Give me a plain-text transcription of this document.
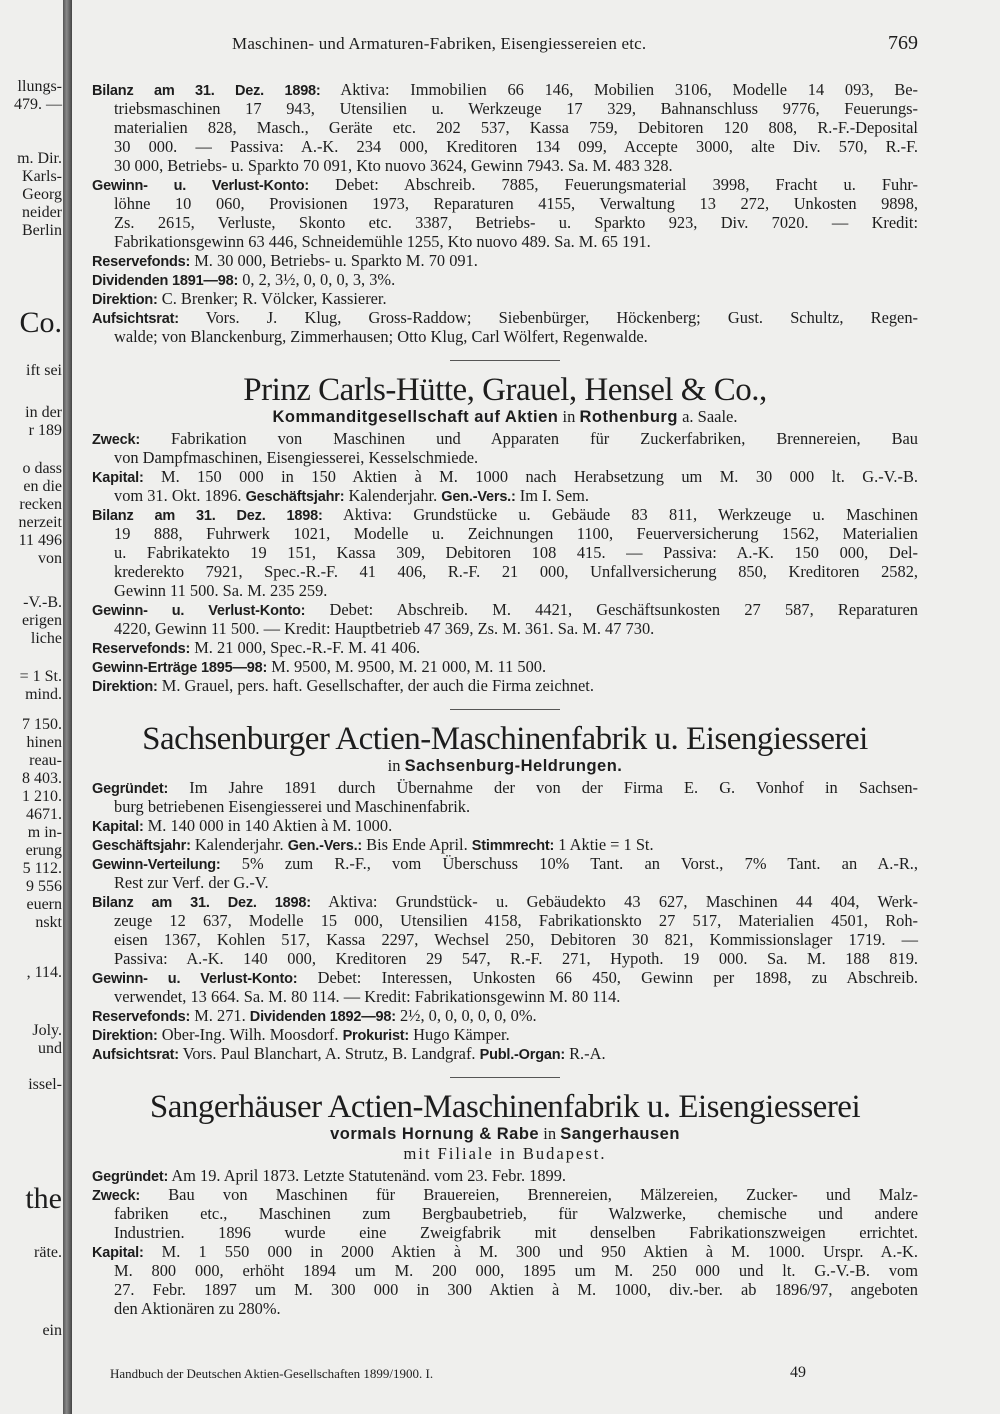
llungs-
479. —
m. Dir.
Karls-
Georg
neider
Berlin
Co.
ift sei
in der
r 189
o dass
en die
recken
nerzeit
11 496
von
-V.-B.
erigen
liche
= 1 St.
mind.
7 150.
hinen
reau-
8 403.
1 210.
4671.
m in-
erung
5 112.
9 556
euern
nskt
, 114.
Joly.
und
issel-
the
räte.
ein
Maschinen- und Armaturen-Fabriken, Eisengiessereien etc.	769
Bilanz am 31. Dez. 1898: Aktiva: Immobilien 66 146, Mobilien 3106, Modelle 14 093, Be-
triebsmaschinen 17 943, Utensilien u. Werkzeuge 17 329, Bahnanschluss 9776, Feuerungs-
materialien 828, Masch., Geräte etc. 202 537, Kassa 759, Debitoren 120 808, R.-F.-Deposital
30 000. — Passiva: A.-K. 234 000, Kreditoren 134 099, Accepte 3000, alte Div. 570, R.-F.
30 000, Betriebs- u. Sparkto 70 091, Kto nuovo 3624, Gewinn 7943. Sa. M. 483 328.
Gewinn- u. Verlust-Konto: Debet: Abschreib. 7885, Feuerungsmaterial 3998, Fracht u. Fuhr-
löhne 10 060, Provisionen 1973, Reparaturen 4155, Verwaltung 13 272, Unkosten 9898,
Zs. 2615, Verluste, Skonto etc. 3387, Betriebs- u. Sparkto 923, Div. 7020. — Kredit:
Fabrikationsgewinn 63 446, Schneidemühle 1255, Kto nuovo 489. Sa. M. 65 191.
Reservefonds: M. 30 000, Betriebs- u. Sparkto M. 70 091.
Dividenden 1891—98: 0, 2, 3½, 0, 0, 0, 3, 3%.
Direktion: C. Brenker; R. Völcker, Kassierer.
Aufsichtsrat: Vors. J. Klug, Gross-Raddow; Siebenbürger, Höckenberg; Gust. Schultz, Regen-
walde; von Blanckenburg, Zimmerhausen; Otto Klug, Carl Wölfert, Regenwalde.
Prinz Carls-Hütte, Grauel, Hensel & Co.,
Kommanditgesellschaft auf Aktien in Rothenburg a. Saale.
Zweck: Fabrikation von Maschinen und Apparaten für Zuckerfabriken, Brennereien, Bau
von Dampfmaschinen, Eisengiesserei, Kesselschmiede.
Kapital: M. 150 000 in 150 Aktien à M. 1000 nach Herabsetzung um M. 30 000 lt. G.-V.-B.
vom 31. Okt. 1896. Geschäftsjahr: Kalenderjahr. Gen.-Vers.: Im I. Sem.
Bilanz am 31. Dez. 1898: Aktiva: Grundstücke u. Gebäude 83 811, Werkzeuge u. Maschinen
19 888, Fuhrwerk 1021, Modelle u. Zeichnungen 1100, Feuerversicherung 1562, Materialien
u. Fabrikatekto 19 151, Kassa 309, Debitoren 108 415. — Passiva: A.-K. 150 000, Del-
krederekto 7921, Spec.-R.-F. 41 406, R.-F. 21 000, Unfallversicherung 850, Kreditoren 2582,
Gewinn 11 500. Sa. M. 235 259.
Gewinn- u. Verlust-Konto: Debet: Abschreib. M. 4421, Geschäftsunkosten 27 587, Reparaturen
4220, Gewinn 11 500. — Kredit: Hauptbetrieb 47 369, Zs. M. 361. Sa. M. 47 730.
Reservefonds: M. 21 000, Spec.-R.-F. M. 41 406.
Gewinn-Erträge 1895—98: M. 9500, M. 9500, M. 21 000, M. 11 500.
Direktion: M. Grauel, pers. haft. Gesellschafter, der auch die Firma zeichnet.
Sachsenburger Actien-Maschinenfabrik u. Eisengiesserei
in Sachsenburg-Heldrungen.
Gegründet: Im Jahre 1891 durch Übernahme der von der Firma E. G. Vonhof in Sachsen-
burg betriebenen Eisengiesserei und Maschinenfabrik.
Kapital: M. 140 000 in 140 Aktien à M. 1000.
Geschäftsjahr: Kalenderjahr. Gen.-Vers.: Bis Ende April. Stimmrecht: 1 Aktie = 1 St.
Gewinn-Verteilung: 5% zum R.-F., vom Überschuss 10% Tant. an Vorst., 7% Tant. an A.-R.,
Rest zur Verf. der G.-V.
Bilanz am 31. Dez. 1898: Aktiva: Grundstück- u. Gebäudekto 43 627, Maschinen 44 404, Werk-
zeuge 12 637, Modelle 15 000, Utensilien 4158, Fabrikationskto 27 517, Materialien 4501, Roh-
eisen 1367, Kohlen 517, Kassa 2297, Wechsel 250, Debitoren 30 821, Kommissionslager 1719. —
Passiva: A.-K. 140 000, Kreditoren 29 547, R.-F. 271, Hypoth. 19 000. Sa. M. 188 819.
Gewinn- u. Verlust-Konto: Debet: Interessen, Unkosten 66 450, Gewinn per 1898, zu Abschreib.
verwendet, 13 664. Sa. M. 80 114. — Kredit: Fabrikationsgewinn M. 80 114.
Reservefonds: M. 271. Dividenden 1892—98: 2½, 0, 0, 0, 0, 0, 0%.
Direktion: Ober-Ing. Wilh. Moosdorf. Prokurist: Hugo Kämper.
Aufsichtsrat: Vors. Paul Blanchart, A. Strutz, B. Landgraf. Publ.-Organ: R.-A.
Sangerhäuser Actien-Maschinenfabrik u. Eisengiesserei
vormals Hornung & Rabe in Sangerhausen
mit Filiale in Budapest.
Gegründet: Am 19. April 1873. Letzte Statutenänd. vom 23. Febr. 1899.
Zweck: Bau von Maschinen für Brauereien, Brennereien, Mälzereien, Zucker- und Malz-
fabriken etc., Maschinen zum Bergbaubetrieb, für Walzwerke, chemische und andere
Industrien. 1896 wurde eine Zweigfabrik mit denselben Fabrikationszweigen errichtet.
Kapital: M. 1 550 000 in 2000 Aktien à M. 300 und 950 Aktien à M. 1000. Urspr. A.-K.
M. 800 000, erhöht 1894 um M. 200 000, 1895 um M. 250 000 und lt. G.-V.-B. vom
27. Febr. 1897 um M. 300 000 in 300 Aktien à M. 1000, div.-ber. ab 1896/97, angeboten
den Aktionären zu 280%.
Handbuch der Deutschen Aktien-Gesellschaften 1899/1900. I.	49
